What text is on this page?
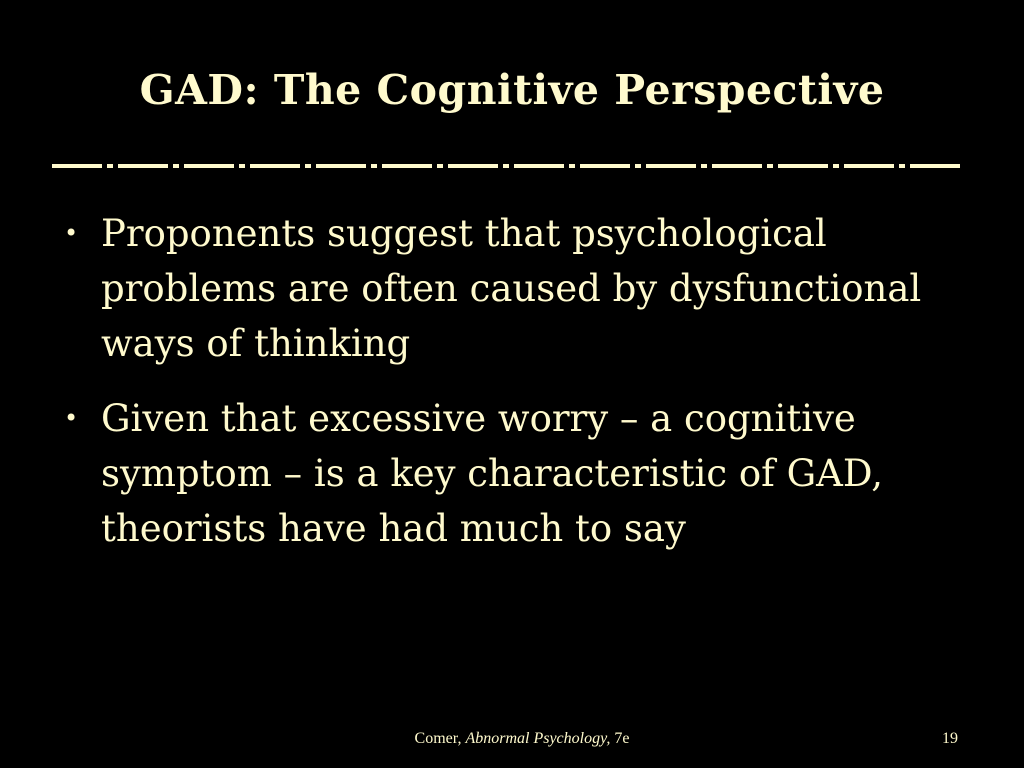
GAD: The Cognitive Perspective
• Proponents suggest that psychological problems are often caused by dysfunctional ways of thinking
• Given that excessive worry – a cognitive symptom – is a key characteristic of GAD, theorists have had much to say
Comer, Abnormal Psychology, 7e	19
